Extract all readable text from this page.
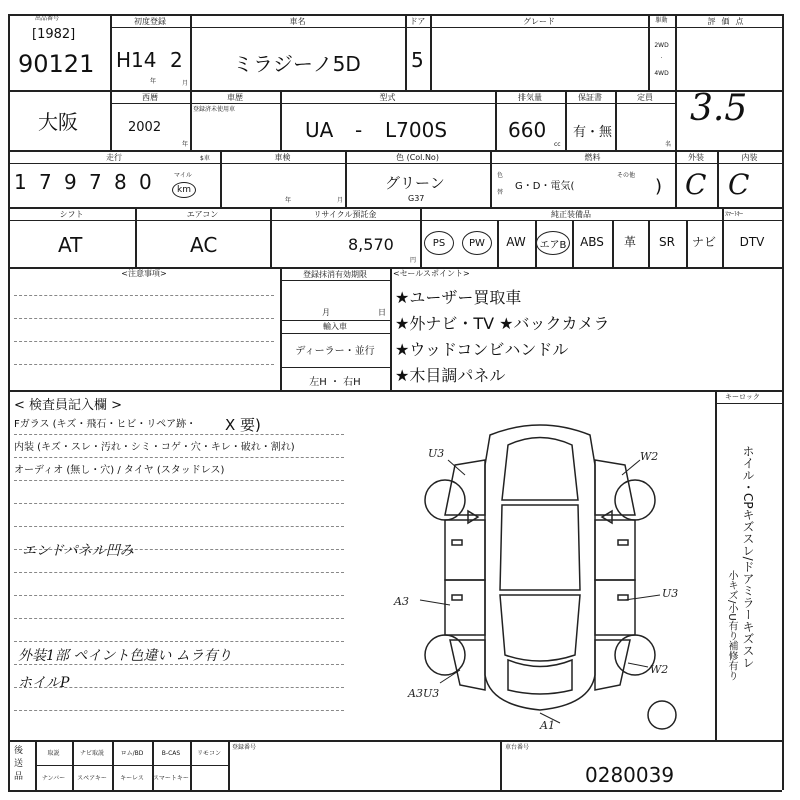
出品番号
[1982]
90121
初度登録
H14 2
年	月
車名
ミラジーノ5D
ドア
5
グレード	駆動
2WD
·
4WD
評価点
3.5
大阪
西暦
2002
年
車歴
登録済未使用車
型式
UA - L700S
排気量
660
cc
保証書
有・無
定員
名
走行
1 7 9 7 8 0	マイル
km
$車	車検
年	月
色 (Col.No)
グリーン
G37
色
替
燃料
G・D・電気(
その他
)
外装
C
内装
C
シフト
AT
エアコン
AC
リサイクル預託金
8,570
円
純正装備品	ｽﾏｰﾄｷｰ
PS	PW	AW	エアB	ABS	革	SR	ナビ	DTV
<注意事項>	登録抹消有効期限
月	日
輸入車
ディーラー・並行
左H ・ 右H
<セールスポイント>
★ユーザー買取車
★外ナビ・TV ★バックカメラ
★ウッドコンビハンドル
★木目調パネル
< 検査員記入欄 >
Fガラス (キズ・飛石・ヒビ・リペア跡・ X 要)
内装 (キズ・スレ・汚れ・シミ・コゲ・穴・キレ・破れ・割れ)
オーディオ (無し・穴) / タイヤ (スタッドレス)
エンドパネル凹み
外装1部 ペイント色違い ムラ有り
ホイルP
キーロック
ホイル・CPキズスレ/ドアミラーキズスレ
小キズ/小U有り補修有り
U3	W2
A3
U3
W2
A3U3
A1
後送品
取説	ナビ取説	ロム/BD	B-CAS	リモコン
ナンバー	スペアキー	キーレス	スマートキー
登録番号	車台番号
0280039
